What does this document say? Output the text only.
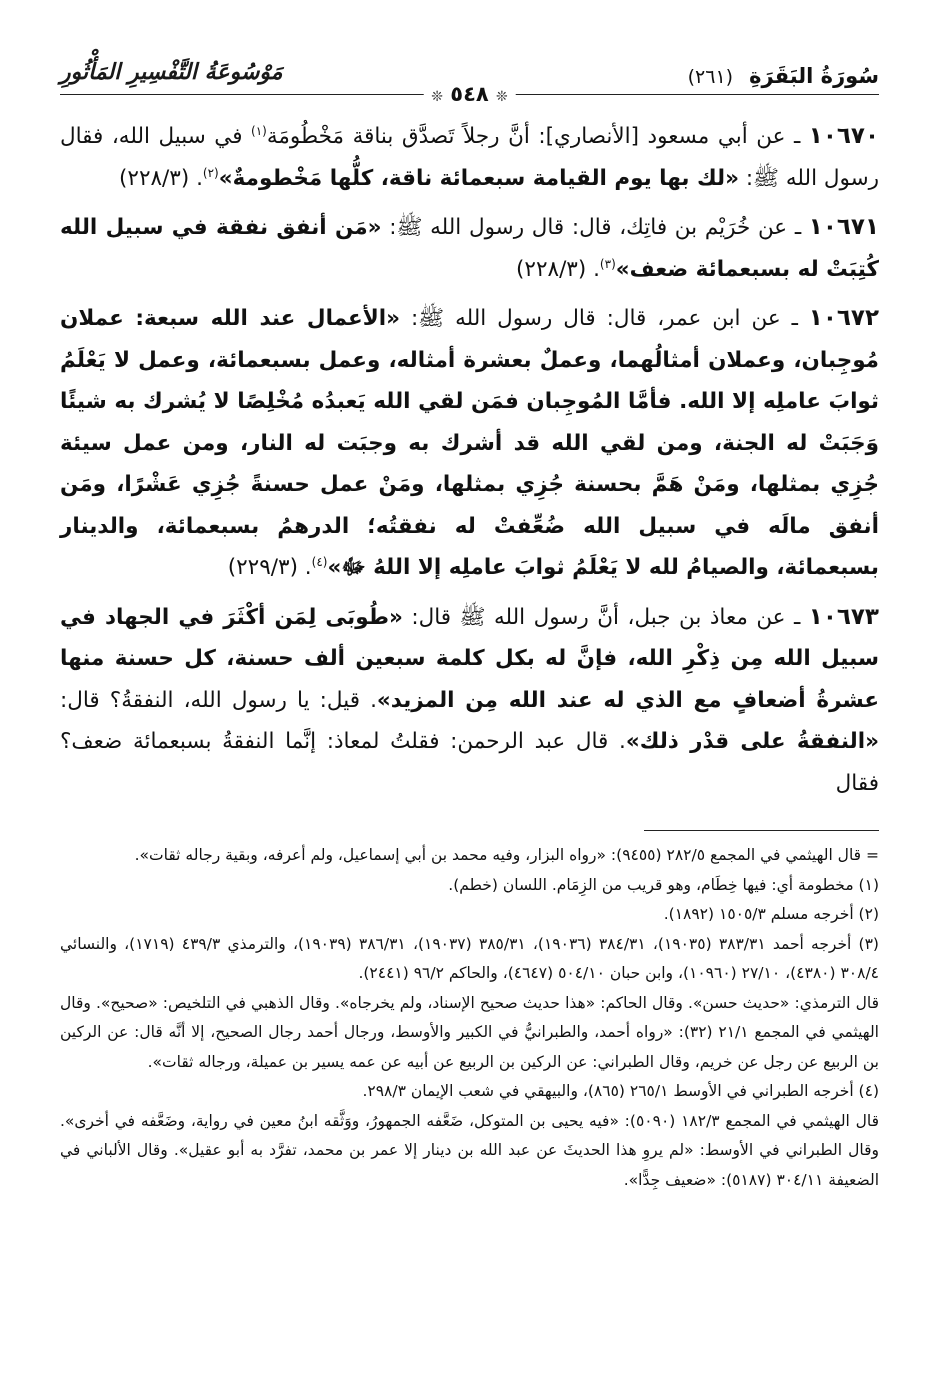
سُورَةُ البَقَرَةِ (٢٦١)
مَوْسُوعَةُ التَّفْسِيرِ المَأْثُورِ
❊ ٥٤٨ ❊

١٠٦٧٠ ـ عن أبي مسعود [الأنصاري]: أنَّ رجلاً تَصدَّق بناقة مَخْطُومَة$^{(١)}$ في سبيل الله، فقال رسول الله ﷺ: «لك بها يوم القيامة سبعمائة ناقة، كلُّها مَخْطومةٌ»$^{(٢)}$. (٢٢٨/٣)

١٠٦٧١ ـ عن خُرَيْم بن فاتِك، قال: قال رسول الله ﷺ: «مَن أنفق نفقة في سبيل الله كُتِبَتْ له بسبعمائة ضعف»$^{(٣)}$. (٢٢٨/٣)

١٠٦٧٢ ـ عن ابن عمر، قال: قال رسول الله ﷺ: «الأعمال عند الله سبعة: عملان مُوجِبان، وعملان أمثالُهما، وعملٌ بعشرة أمثاله، وعمل بسبعمائة، وعمل لا يَعْلَمُ ثوابَ عاملِه إلا الله. فأمَّا المُوجِبان فمَن لقي الله يَعبدُه مُخْلِصًا لا يُشرك به شيئًا وَجَبَتْ له الجنة، ومن لقي الله قد أشرك به وجبَت له النار، ومن عمل سيئة جُزِي بمثلها، ومَنْ هَمَّ بحسنة جُزِي بمثلها، ومَنْ عمل حسنةً جُزِي عَشْرًا، ومَن أنفق مالَه في سبيل الله ضُعِّفتْ له نفقتُه؛ الدرهمُ بسبعمائة، والدينار بسبعمائة، والصيامُ لله لا يَعْلَمُ ثوابَ عاملِه إلا اللهُ ﷻ»$^{(٤)}$. (٢٢٩/٣)

١٠٦٧٣ ـ عن معاذ بن جبل، أنَّ رسول الله ﷺ قال: «طُوبَى لِمَن أكْثَرَ في الجهاد في سبيل الله مِن ذِكْرِ الله، فإنَّ له بكل كلمة سبعين ألف حسنة، كل حسنة منها عشرةُ أضعافٍ مع الذي له عند الله مِن المزيد». قيل: يا رسول الله، النفقةُ؟ قال: «النفقةُ على قدْر ذلك». قال عبد الرحمن: فقلتُ لمعاذ: إنَّما النفقةُ بسبعمائة ضعف؟ فقال

= قال الهيثمي في المجمع ٢٨٢/٥ (٩٤٥٥): «رواه البزار، وفيه محمد بن أبي إسماعيل، ولم أعرفه، وبقية رجاله ثقات».

(١) مخطومة أي: فيها خِطَام، وهو قريب من الزِمَام. اللسان (خطم).

(٢) أخرجه مسلم ١٥٠٥/٣ (١٨٩٢).

(٣) أخرجه أحمد ٣٨٣/٣١ (١٩٠٣٥)، ٣٨٤/٣١ (١٩٠٣٦)، ٣٨٥/٣١ (١٩٠٣٧)، ٣٨٦/٣١ (١٩٠٣٩)، والترمذي ٤٣٩/٣ (١٧١٩)، والنسائي ٣٠٨/٤ (٤٣٨٠)، ٢٧/١٠ (١٠٩٦٠)، وابن حبان ٥٠٤/١٠ (٤٦٤٧)، والحاكم ٩٦/٢ (٢٤٤١).

قال الترمذي: «حديث حسن». وقال الحاكم: «هذا حديث صحيح الإسناد، ولم يخرجاه». وقال الذهبي في التلخيص: «صحيح». وقال الهيثمي في المجمع ٢١/١ (٣٢): «رواه أحمد، والطبرانيُّ في الكبير والأوسط، ورجال أحمد رجال الصحيح، إلا أنَّه قال: عن الركين بن الربيع عن رجل عن خريم، وقال الطبراني: عن الركين بن الربيع عن أبيه عن عمه يسير بن عميلة، ورجاله ثقات».

(٤) أخرجه الطبراني في الأوسط ٢٦٥/١ (٨٦٥)، والبيهقي في شعب الإيمان ٢٩٨/٣.

قال الهيثمي في المجمع ١٨٢/٣ (٥٠٩٠): «فيه يحيى بن المتوكل، ضَعَّفه الجمهورُ، ووَثَّقه ابنُ معين في رواية، وضَعَّفه في أخرى». وقال الطبراني في الأوسط: «لم يروِ هذا الحديثَ عن عبد الله بن دينار إلا عمر بن محمد، تفرَّد به أبو عقيل». وقال الألباني في الضعيفة ٣٠٤/١١ (٥١٨٧): «ضعيف جِدًّا».
